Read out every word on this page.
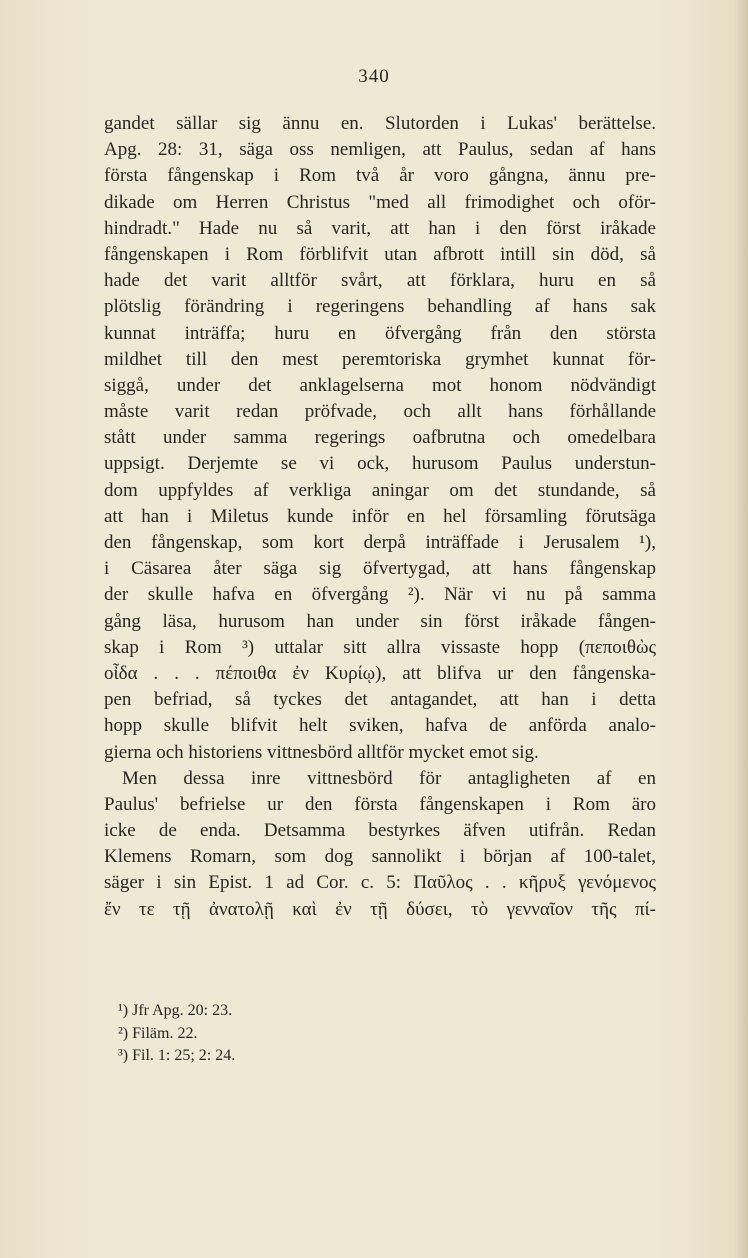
340
gandet sällar sig ännu en. Slutorden i Lukas' berättelse.
Apg. 28: 31, säga oss nemligen, att Paulus, sedan af hans
första fångenskap i Rom två år voro gångna, ännu pre-
dikade om Herren Christus "med all frimodighet och oför-
hindradt." Hade nu så varit, att han i den först iråkade
fångenskapen i Rom förblifvit utan afbrott intill sin död, så
hade det varit alltför svårt, att förklara, huru en så
plötslig förändring i regeringens behandling af hans sak
kunnat inträffa; huru en öfvergång från den största
mildhet till den mest peremtoriska grymhet kunnat för-
siggå, under det anklagelserna mot honom nödvändigt
måste varit redan pröfvade, och allt hans förhållande
stått under samma regerings oafbrutna och omedelbara
uppsigt. Derjemte se vi ock, hurusom Paulus understun-
dom uppfyldes af verkliga aningar om det stundande, så
att han i Miletus kunde inför en hel församling förutsäga
den fångenskap, som kort derpå inträffade i Jerusalem ¹),
i Cäsarea åter säga sig öfvertygad, att hans fångenskap
der skulle hafva en öfvergång ²). När vi nu på samma
gång läsa, hurusom han under sin först iråkade fången-
skap i Rom ³) uttalar sitt allra vissaste hopp (πεποιθὼς
οἶδα . . . πέποιθα ἐν Κυρίῳ), att blifva ur den fångenska-
pen befriad, så tyckes det antagandet, att han i detta
hopp skulle blifvit helt sviken, hafva de anförda analo-
gierna och historiens vittnesbörd alltför mycket emot sig.
Men dessa inre vittnesbörd för antagligheten af en
Paulus' befrielse ur den första fångenskapen i Rom äro
icke de enda. Detsamma bestyrkes äfven utifrån. Redan
Klemens Romarn, som dog sannolikt i början af 100-talet,
säger i sin Epist. 1 ad Cor. c. 5: Παῦλος . . κῆρυξ γενόμενος
ἔν τε τῇ ἀνατολῇ καὶ ἐν τῇ δύσει, τὸ γενναῖον τῆς πί-
¹) Jfr Apg. 20: 23.
²) Filäm. 22.
³) Fil. 1: 25; 2: 24.
